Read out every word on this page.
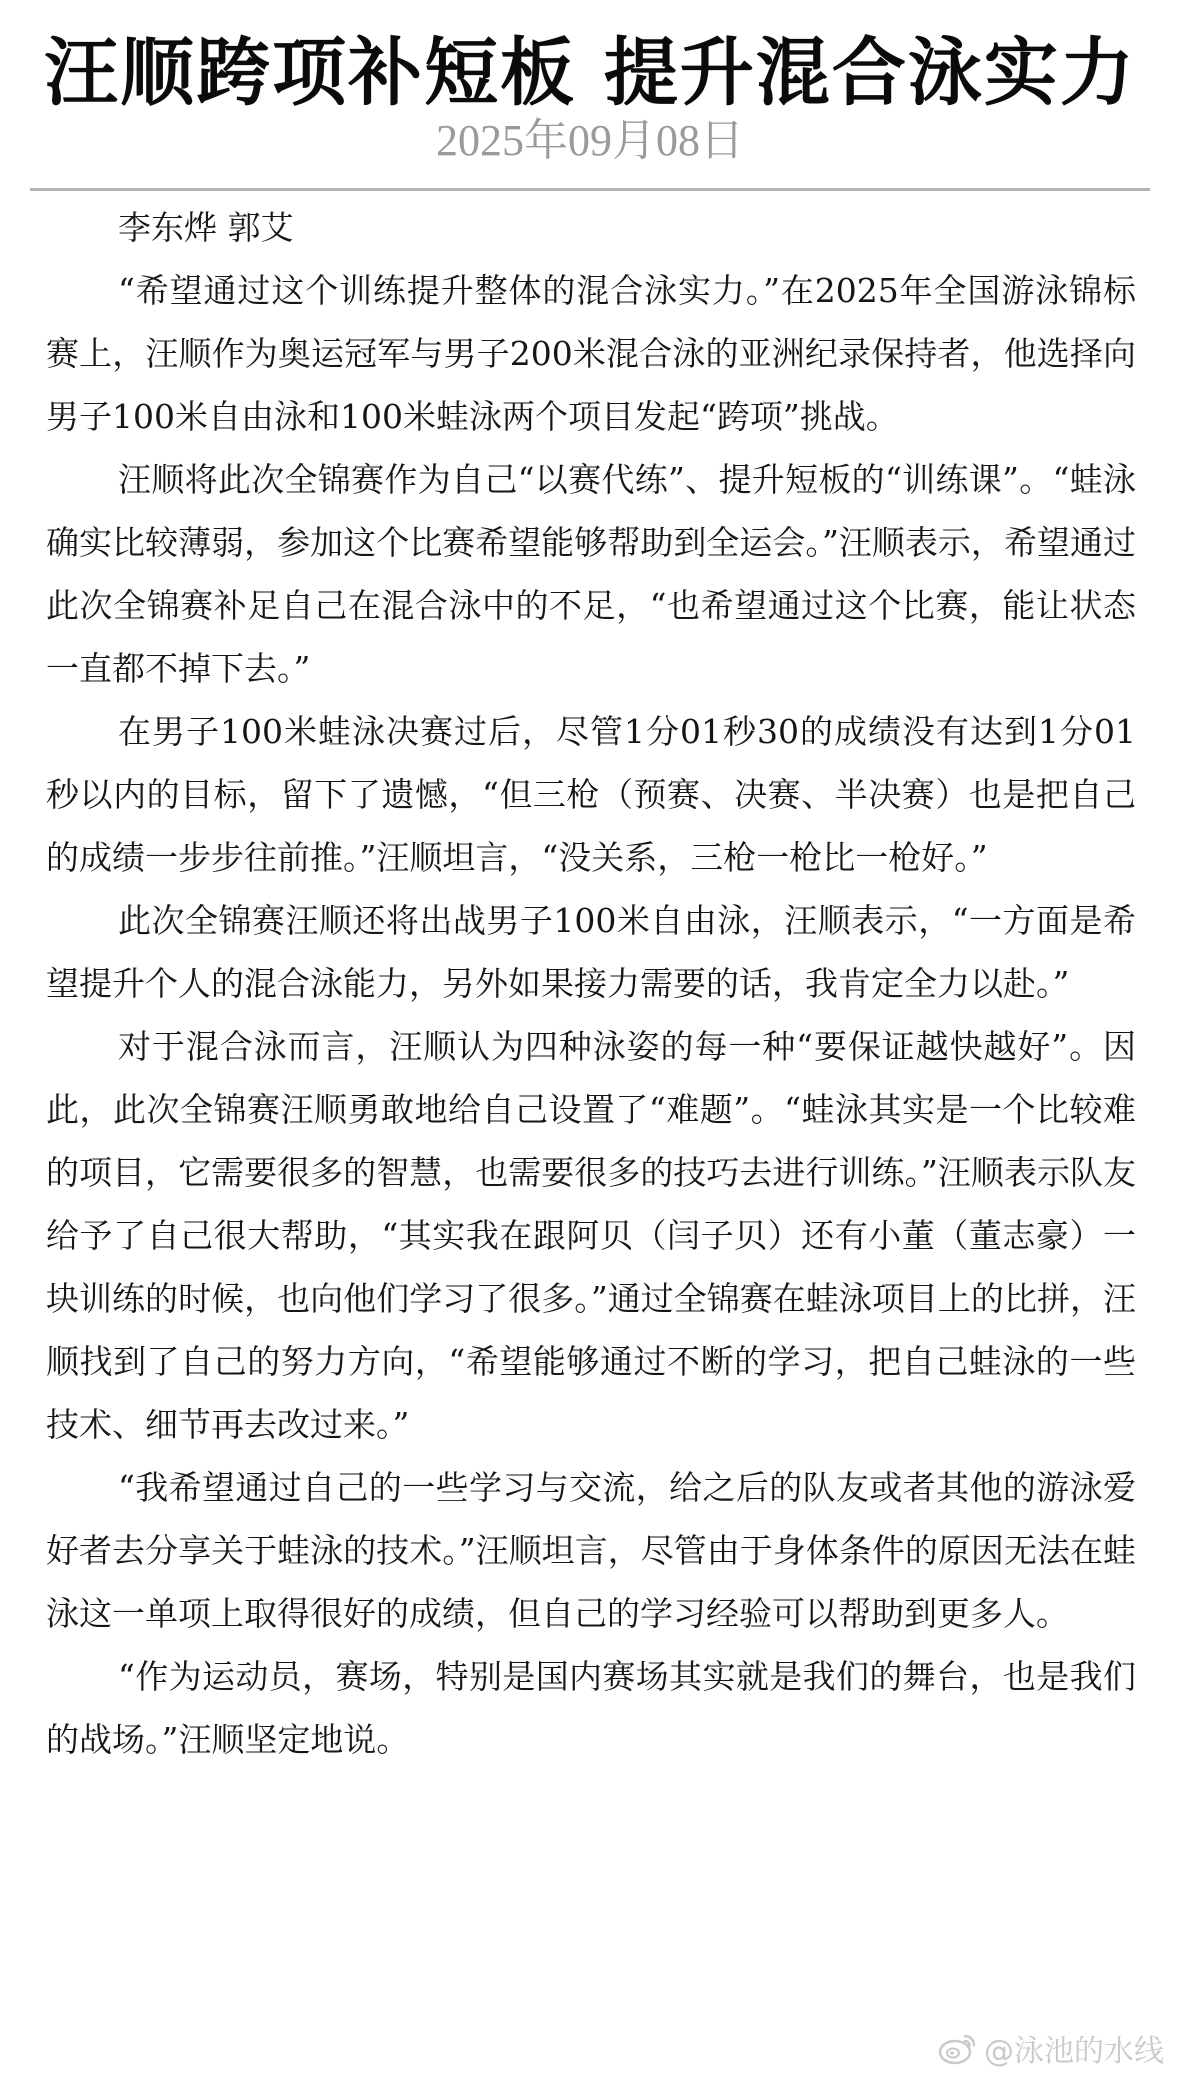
汪顺跨项补短板 提升混合泳实力
2025年09月08日

李东烨 郭艾

“希望通过这个训练提升整体的混合泳实力。”在2025年全国游泳锦标赛上，汪顺作为奥运冠军与男子200米混合泳的亚洲纪录保持者，他选择向男子100米自由泳和100米蛙泳两个项目发起“跨项”挑战。

汪顺将此次全锦赛作为自己“以赛代练”、提升短板的“训练课”。“蛙泳确实比较薄弱，参加这个比赛希望能够帮助到全运会。”汪顺表示，希望通过此次全锦赛补足自己在混合泳中的不足，“也希望通过这个比赛，能让状态一直都不掉下去。”

在男子100米蛙泳决赛过后，尽管1分01秒30的成绩没有达到1分01秒以内的目标，留下了遗憾，“但三枪（预赛、决赛、半决赛）也是把自己的成绩一步步往前推。”汪顺坦言，“没关系，三枪一枪比一枪好。”

此次全锦赛汪顺还将出战男子100米自由泳，汪顺表示，“一方面是希望提升个人的混合泳能力，另外如果接力需要的话，我肯定全力以赴。”

对于混合泳而言，汪顺认为四种泳姿的每一种“要保证越快越好”。因此，此次全锦赛汪顺勇敢地给自己设置了“难题”。“蛙泳其实是一个比较难的项目，它需要很多的智慧，也需要很多的技巧去进行训练。”汪顺表示队友给予了自己很大帮助，“其实我在跟阿贝（闫子贝）还有小董（董志豪）一块训练的时候，也向他们学习了很多。”通过全锦赛在蛙泳项目上的比拼，汪顺找到了自己的努力方向，“希望能够通过不断的学习，把自己蛙泳的一些技术、细节再去改过来。”

“我希望通过自己的一些学习与交流，给之后的队友或者其他的游泳爱好者去分享关于蛙泳的技术。”汪顺坦言，尽管由于身体条件的原因无法在蛙泳这一单项上取得很好的成绩，但自己的学习经验可以帮助到更多人。

“作为运动员，赛场，特别是国内赛场其实就是我们的舞台，也是我们的战场。”汪顺坚定地说。

@泳池的水线
